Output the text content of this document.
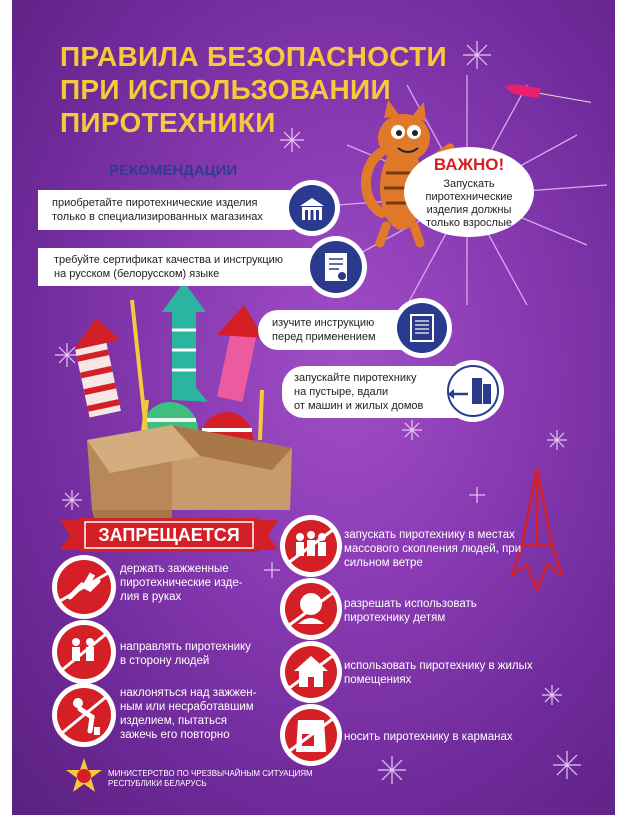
ПРАВИЛА БЕЗОПАСНОСТИ
ПРИ ИСПОЛЬЗОВАНИИ
ПИРОТЕХНИКИ
РЕКОМЕНДАЦИИ
приобретайте пиротехнические изделия
только в специализированных магазинах
требуйте сертификат качества и инструкцию
на русском (белорусском) языке
изучите инструкцию
перед применением
запускайте пиротехнику
на пустыре, вдали
от машин и жилых домов
ВАЖНО!
Запускать
пиротехнические
изделия должны
только взрослые
ЗАПРЕЩАЕТСЯ
держать зажженные
пиротехнические изде-
лия в руках
направлять пиротехнику
в сторону людей
наклоняться над зажжен-
ным или несработавшим
изделием, пытаться
зажечь его повторно
запускать пиротехнику в местах
массового скопления людей, при
сильном ветре
разрешать использовать
пиротехнику детям
использовать пиротехнику в жилых
помещениях
носить пиротехнику в карманах
МИНИСТЕРСТВО ПО ЧРЕЗВЫЧАЙНЫМ СИТУАЦИЯМ
РЕСПУБЛИКИ БЕЛАРУСЬ
